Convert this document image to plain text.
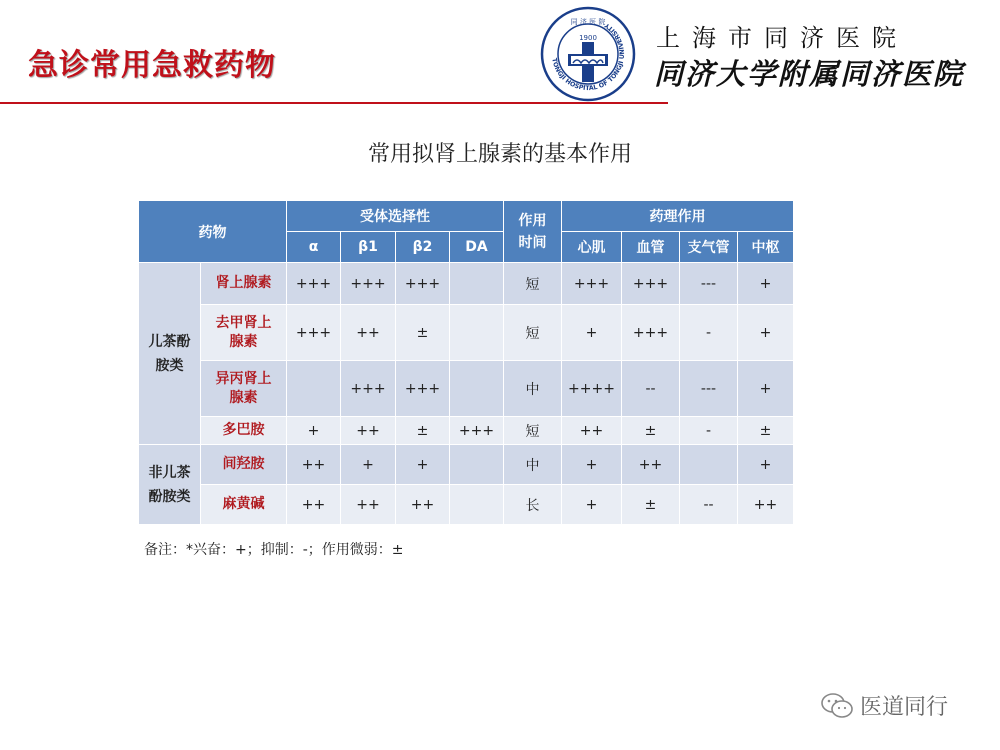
急诊常用急救药物	TONGJI HOSPITAL OF TONGJI UNIVERSITY
同 济 医 院
1900 上海市同济医院
同济大学附属同济医院
常用拟肾上腺素的基本作用
药物		受体选择性				作用
时间	药理作用			
		α	β1	β2	DA		心肌	血管	支气管	中枢
儿茶酚
胺类	肾上腺素	+++	+++	+++		短	+++	+++	---	+
	去甲肾上
腺素	+++	++	±		短	+	+++	-	+
	异丙肾上
腺素		+++	+++		中	++++	--	---	+
	多巴胺	+	++	±	+++	短	++	±	-	±
非儿茶
酚胺类	间羟胺	++	+	+		中	+	++		+
	麻黄碱	++	++	++		长	+	±	--	++
备注：*兴奋：+；抑制：-；作用微弱：±
医道同行
